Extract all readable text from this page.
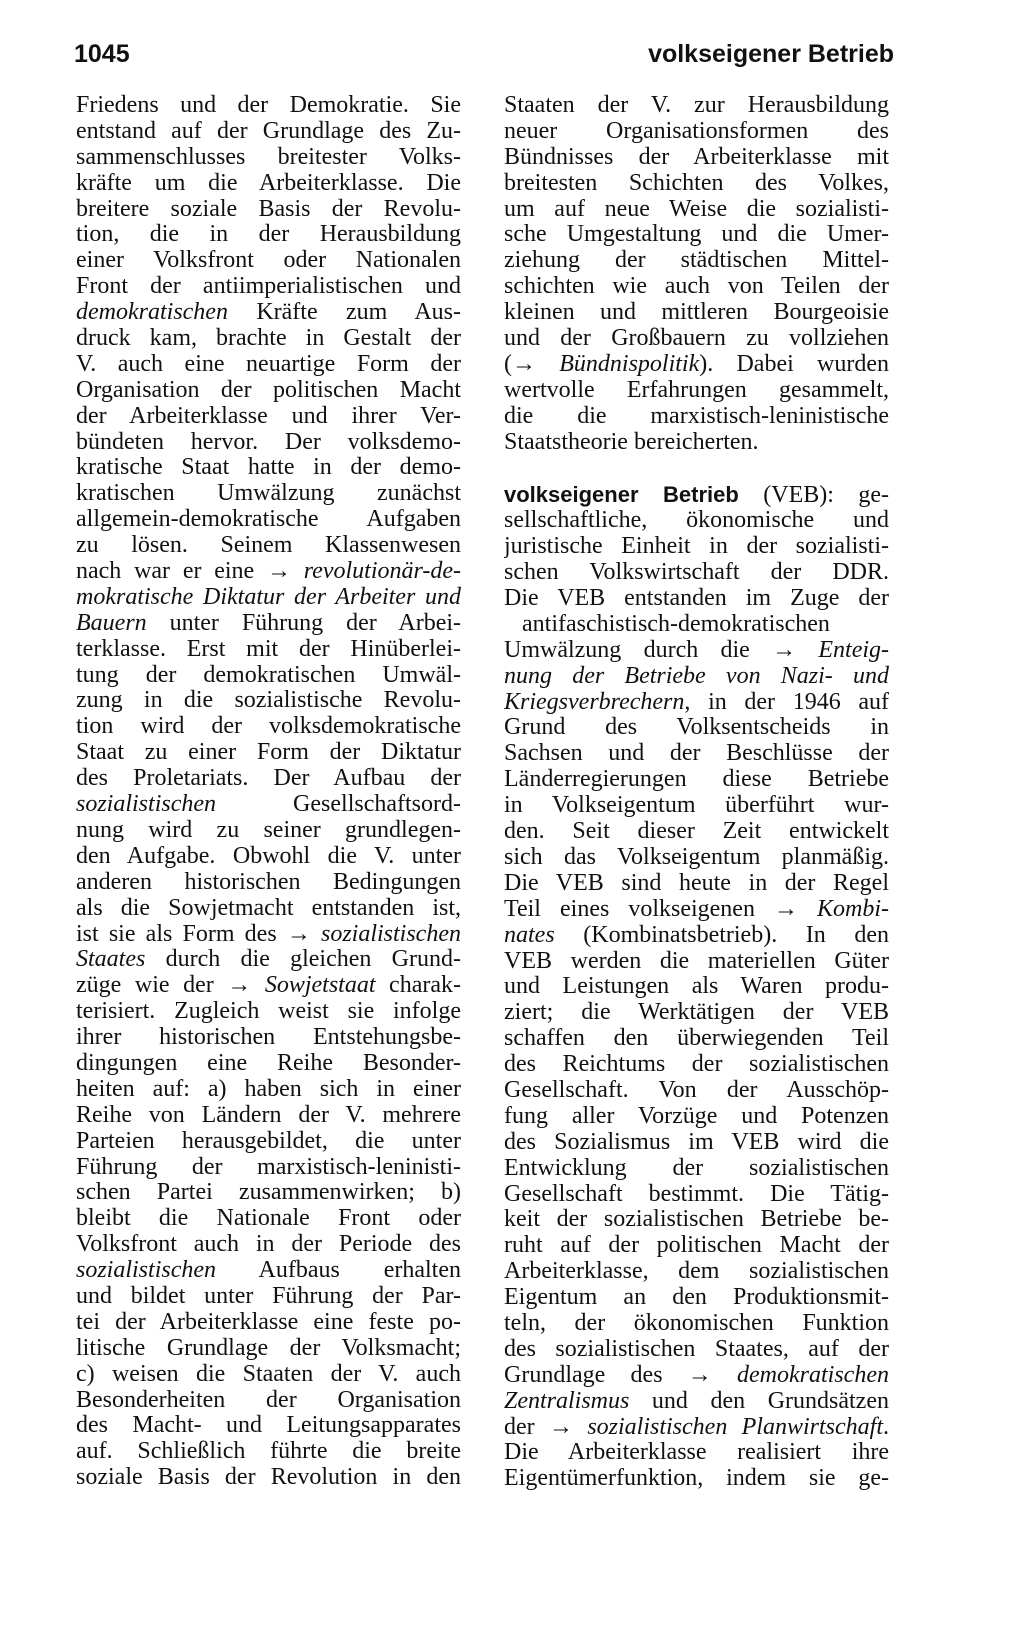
1045	volkseigener Betrieb
Friedens und der Demokratie. Sie
entstand auf der Grundlage des Zu-
sammenschlusses breitester Volks-
kräfte um die Arbeiterklasse. Die
breitere soziale Basis der Revolu-
tion, die in der Herausbildung
einer Volksfront oder Nationalen
Front der antiimperialistischen und
demokratischen Kräfte zum Aus-
druck kam, brachte in Gestalt der
V. auch eine neuartige Form der
Organisation der politischen Macht
der Arbeiterklasse und ihrer Ver-
bündeten hervor. Der volksdemo-
kratische Staat hatte in der demo-
kratischen Umwälzung zunächst
allgemein-demokratische Aufgaben
zu lösen. Seinem Klassenwesen
nach war er eine → revolutionär-de-
mokratische Diktatur der Arbeiter und
Bauern unter Führung der Arbei-
terklasse. Erst mit der Hinüberlei-
tung der demokratischen Umwäl-
zung in die sozialistische Revolu-
tion wird der volksdemokratische
Staat zu einer Form der Diktatur
des Proletariats. Der Aufbau der
sozialistischen Gesellschaftsord-
nung wird zu seiner grundlegen-
den Aufgabe. Obwohl die V. unter
anderen historischen Bedingungen
als die Sowjetmacht entstanden ist,
ist sie als Form des → sozialistischen
Staates durch die gleichen Grund-
züge wie der → Sowjetstaat charak-
terisiert. Zugleich weist sie infolge
ihrer historischen Entstehungsbe-
dingungen eine Reihe Besonder-
heiten auf: a) haben sich in einer
Reihe von Ländern der V. mehrere
Parteien herausgebildet, die unter
Führung der marxistisch-leninisti-
schen Partei zusammenwirken; b)
bleibt die Nationale Front oder
Volksfront auch in der Periode des
sozialistischen Aufbaus erhalten
und bildet unter Führung der Par-
tei der Arbeiterklasse eine feste po-
litische Grundlage der Volksmacht;
c) weisen die Staaten der V. auch
Besonderheiten der Organisation
des Macht- und Leitungsapparates
auf. Schließlich führte die breite
soziale Basis der Revolution in den
Staaten der V. zur Herausbildung
neuer Organisationsformen des
Bündnisses der Arbeiterklasse mit
breitesten Schichten des Volkes,
um auf neue Weise die sozialisti-
sche Umgestaltung und die Umer-
ziehung der städtischen Mittel-
schichten wie auch von Teilen der
kleinen und mittleren Bourgeoisie
und der Großbauern zu vollziehen
(→ Bündnispolitik). Dabei wurden
wertvolle Erfahrungen gesammelt,
die die marxistisch-leninistische
Staatstheorie bereicherten.
volkseigener Betrieb (VEB): ge-
sellschaftliche, ökonomische und
juristische Einheit in der sozialisti-
schen Volkswirtschaft der DDR.
Die VEB entstanden im Zuge der
antifaschistisch-demokratischen
Umwälzung durch die → Enteig-
nung der Betriebe von Nazi- und
Kriegsverbrechern, in der 1946 auf
Grund des Volksentscheids in
Sachsen und der Beschlüsse der
Länderregierungen diese Betriebe
in Volkseigentum überführt wur-
den. Seit dieser Zeit entwickelt
sich das Volkseigentum planmäßig.
Die VEB sind heute in der Regel
Teil eines volkseigenen → Kombi-
nates (Kombinatsbetrieb). In den
VEB werden die materiellen Güter
und Leistungen als Waren produ-
ziert; die Werktätigen der VEB
schaffen den überwiegenden Teil
des Reichtums der sozialistischen
Gesellschaft. Von der Ausschöp-
fung aller Vorzüge und Potenzen
des Sozialismus im VEB wird die
Entwicklung der sozialistischen
Gesellschaft bestimmt. Die Tätig-
keit der sozialistischen Betriebe be-
ruht auf der politischen Macht der
Arbeiterklasse, dem sozialistischen
Eigentum an den Produktionsmit-
teln, der ökonomischen Funktion
des sozialistischen Staates, auf der
Grundlage des → demokratischen
Zentralismus und den Grundsätzen
der → sozialistischen Planwirtschaft.
Die Arbeiterklasse realisiert ihre
Eigentümerfunktion, indem sie ge-
